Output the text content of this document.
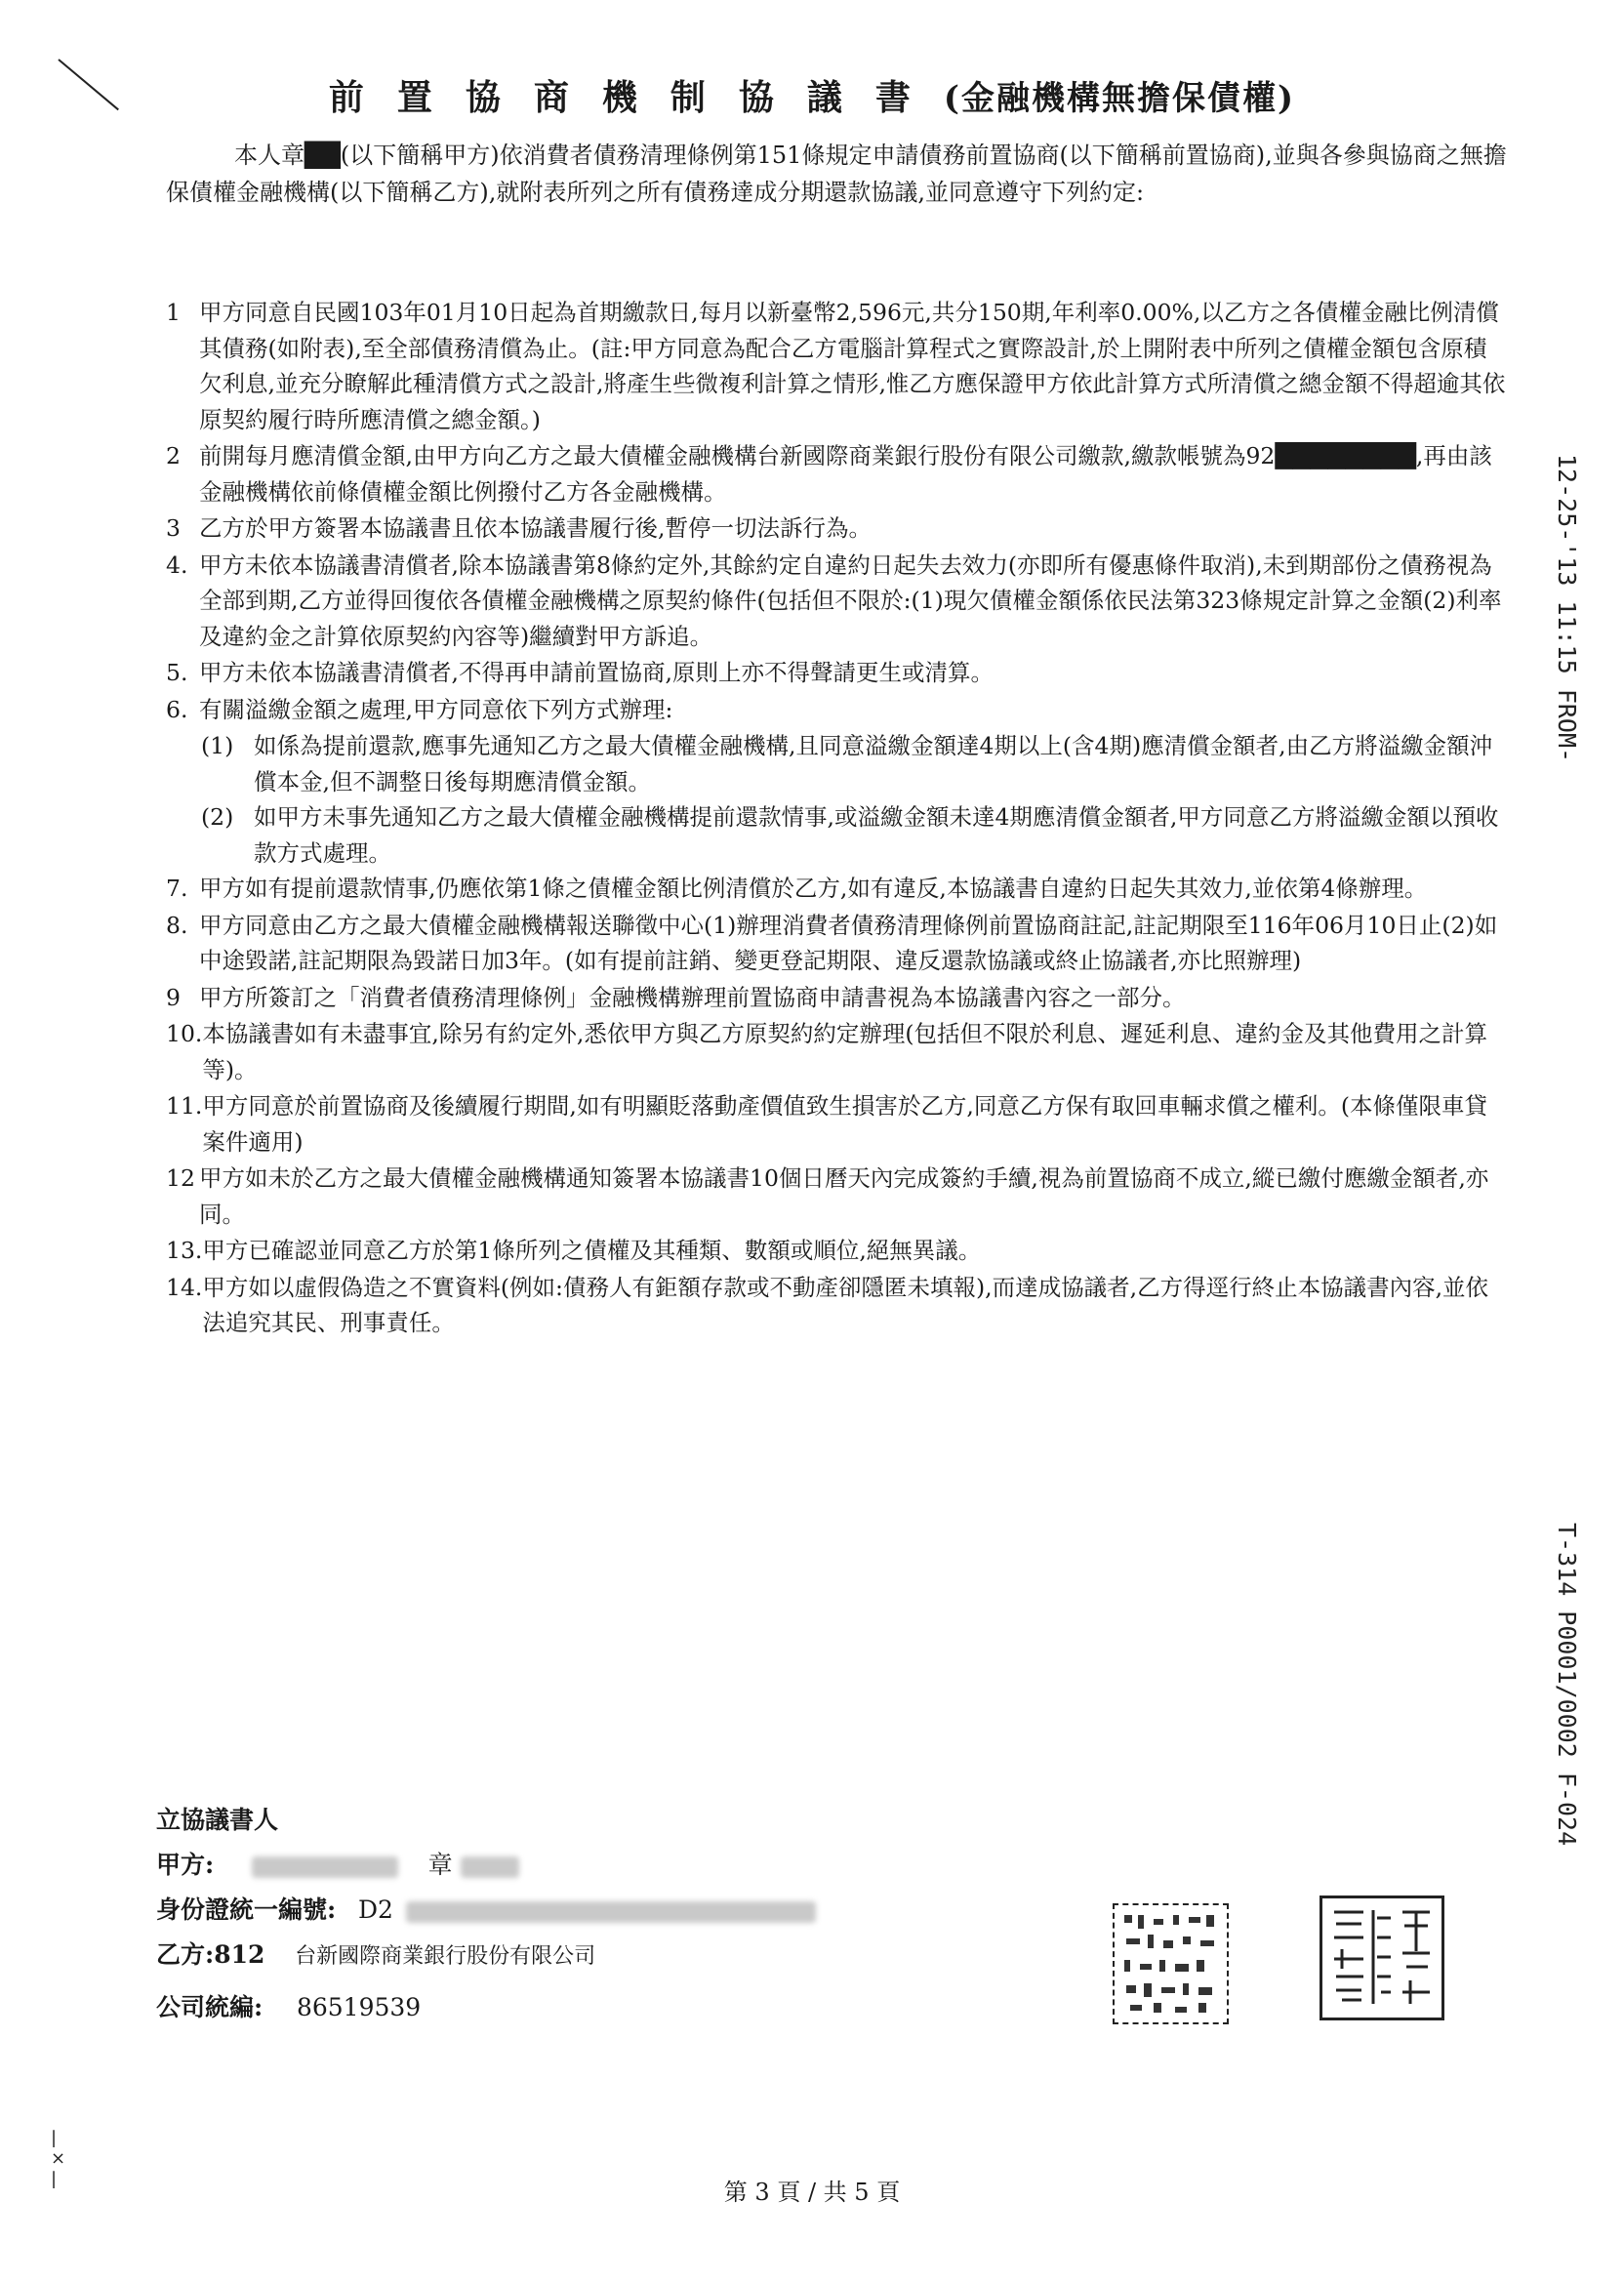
前置協商機制協議書(金融機構無擔保債權)
本人章██(以下簡稱甲方)依消費者債務清理條例第151條規定申請債務前置協商(以下簡稱前置協商),並與各參與協商之無擔保債權金融機構(以下簡稱乙方),就附表所列之所有債務達成分期還款協議,並同意遵守下列約定:
1 甲方同意自民國103年01月10日起為首期繳款日,每月以新臺幣2,596元,共分150期,年利率0.00%,以乙方之各債權金融比例清償其債務(如附表),至全部債務清償為止。(註:甲方同意為配合乙方電腦計算程式之實際設計,於上開附表中所列之債權金額包含原積欠利息,並充分瞭解此種清償方式之設計,將產生些微複利計算之情形,惟乙方應保證甲方依此計算方式所清償之總金額不得超逾其依原契約履行時所應清償之總金額。)
2 前開每月應清償金額,由甲方向乙方之最大債權金融機構台新國際商業銀行股份有限公司繳款,繳款帳號為92████████,再由該金融機構依前條債權金額比例撥付乙方各金融機構。
3 乙方於甲方簽署本協議書且依本協議書履行後,暫停一切法訴行為。
4. 甲方未依本協議書清償者,除本協議書第8條約定外,其餘約定自違約日起失去效力(亦即所有優惠條件取消),未到期部份之債務視為全部到期,乙方並得回復依各債權金融機構之原契約條件(包括但不限於:(1)現欠債權金額係依民法第323條規定計算之金額(2)利率及違約金之計算依原契約內容等)繼續對甲方訴追。
5. 甲方未依本協議書清償者,不得再申請前置協商,原則上亦不得聲請更生或清算。
6. 有關溢繳金額之處理,甲方同意依下列方式辦理:
(1) 如係為提前還款,應事先通知乙方之最大債權金融機構,且同意溢繳金額達4期以上(含4期)應清償金額者,由乙方將溢繳金額沖償本金,但不調整日後每期應清償金額。
(2) 如甲方未事先通知乙方之最大債權金融機構提前還款情事,或溢繳金額未達4期應清償金額者,甲方同意乙方將溢繳金額以預收款方式處理。
7. 甲方如有提前還款情事,仍應依第1條之債權金額比例清償於乙方,如有違反,本協議書自違約日起失其效力,並依第4條辦理。
8. 甲方同意由乙方之最大債權金融機構報送聯徵中心(1)辦理消費者債務清理條例前置協商註記,註記期限至116年06月10日止(2)如中途毀諾,註記期限為毀諾日加3年。(如有提前註銷、變更登記期限、違反還款協議或終止協議者,亦比照辦理)
9 甲方所簽訂之「消費者債務清理條例」金融機構辦理前置協商申請書視為本協議書內容之一部分。
10. 本協議書如有未盡事宜,除另有約定外,悉依甲方與乙方原契約約定辦理(包括但不限於利息、遲延利息、違約金及其他費用之計算等)。
11. 甲方同意於前置協商及後續履行期間,如有明顯貶落動產價值致生損害於乙方,同意乙方保有取回車輛求償之權利。(本條僅限車貸案件適用)
12 甲方如未於乙方之最大債權金融機構通知簽署本協議書10個日曆天內完成簽約手續,視為前置協商不成立,縱已繳付應繳金額者,亦同。
13. 甲方已確認並同意乙方於第1條所列之債權及其種類、數額或順位,絕無異議。
14. 甲方如以虛假偽造之不實資料(例如:債務人有鉅額存款或不動產卻隱匿未填報),而達成協議者,乙方得逕行終止本協議書內容,並依法追究其民、刑事責任。
立協議書人
甲方:	章
身份證統一編號: D2
乙方:812 台新國際商業銀行股份有限公司
公司統編: 86519539
12-25-'13 11:15 FROM-
T-314 P0001/0002 F-024
第 3 頁 / 共 5 頁
|
×
|
